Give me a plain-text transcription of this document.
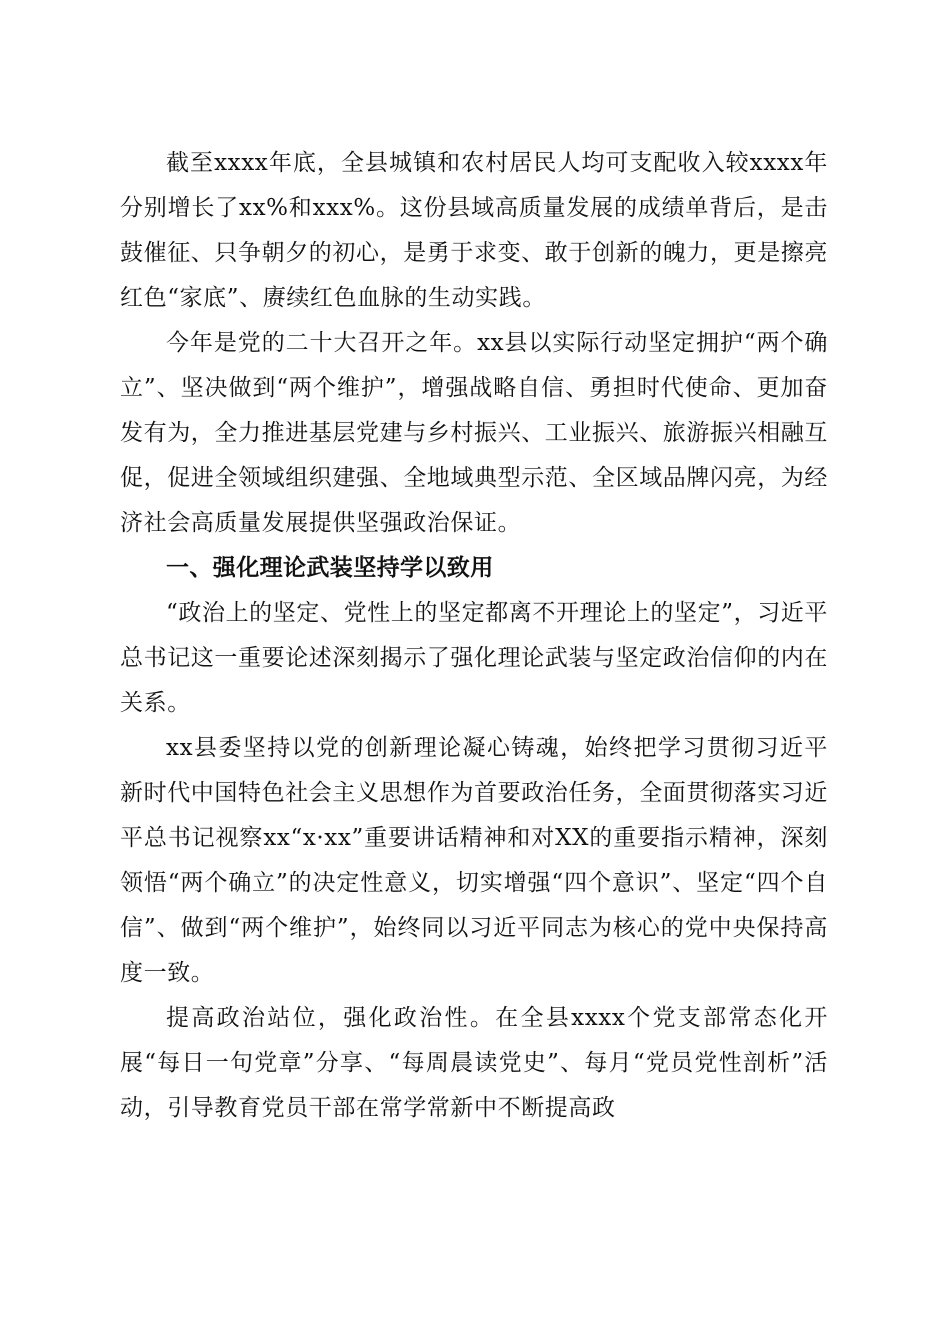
截至xxxx年底，全县城镇和农村居民人均可支配收入较xxxx年分别增长了xx%和xxx%。这份县域高质量发展的成绩单背后，是击鼓催征、只争朝夕的初心，是勇于求变、敢于创新的魄力，更是擦亮红色“家底”、赓续红色血脉的生动实践。

今年是党的二十大召开之年。xx县以实际行动坚定拥护“两个确立”、坚决做到“两个维护”，增强战略自信、勇担时代使命、更加奋发有为，全力推进基层党建与乡村振兴、工业振兴、旅游振兴相融互促，促进全领域组织建强、全地域典型示范、全区域品牌闪亮，为经济社会高质量发展提供坚强政治保证。

一、强化理论武装坚持学以致用

“政治上的坚定、党性上的坚定都离不开理论上的坚定”，习近平总书记这一重要论述深刻揭示了强化理论武装与坚定政治信仰的内在关系。

xx县委坚持以党的创新理论凝心铸魂，始终把学习贯彻习近平新时代中国特色社会主义思想作为首要政治任务，全面贯彻落实习近平总书记视察xx“x·xx”重要讲话精神和对XX的重要指示精神，深刻领悟“两个确立”的决定性意义，切实增强“四个意识”、坚定“四个自信”、做到“两个维护”，始终同以习近平同志为核心的党中央保持高度一致。

提高政治站位，强化政治性。在全县xxxx个党支部常态化开展“每日一句党章”分享、“每周晨读党史”、每月“党员党性剖析”活动，引导教育党员干部在常学常新中不断提高政
